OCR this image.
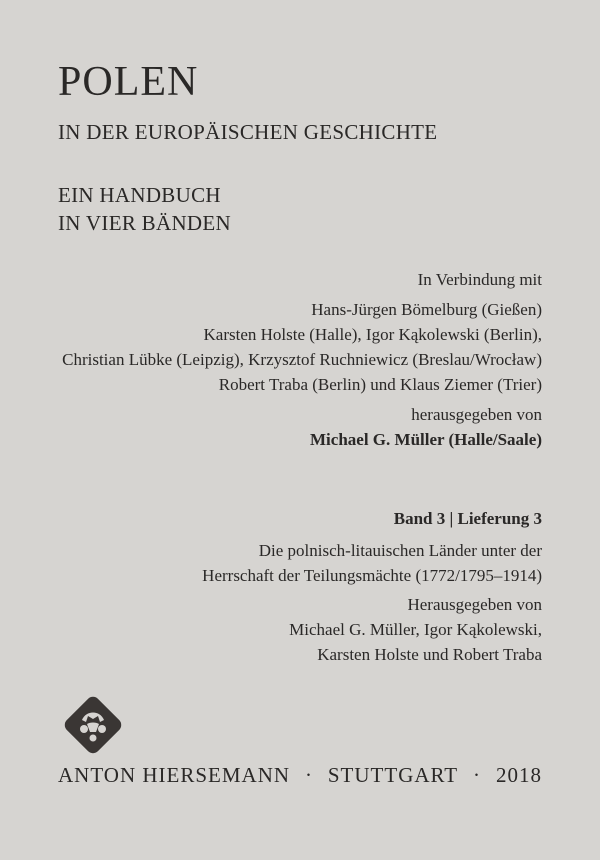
POLEN
IN DER EUROPÄISCHEN GESCHICHTE
EIN HANDBUCH
IN VIER BÄNDEN
In Verbindung mit
Hans-Jürgen Bömelburg (Gießen)
Karsten Holste (Halle), Igor Kąkolewski (Berlin),
Christian Lübke (Leipzig), Krzysztof Ruchniewicz (Breslau/Wrocław)
Robert Traba (Berlin) und Klaus Ziemer (Trier)
herausgegeben von
Michael G. Müller (Halle/Saale)
Band 3 | Lieferung 3
Die polnisch-litauischen Länder unter der
Herrschaft der Teilungsmächte (1772/1795–1914)
Herausgegeben von
Michael G. Müller, Igor Kąkolewski,
Karsten Holste und Robert Traba
ANTON HIERSEMANN · STUTTGART · 2018
